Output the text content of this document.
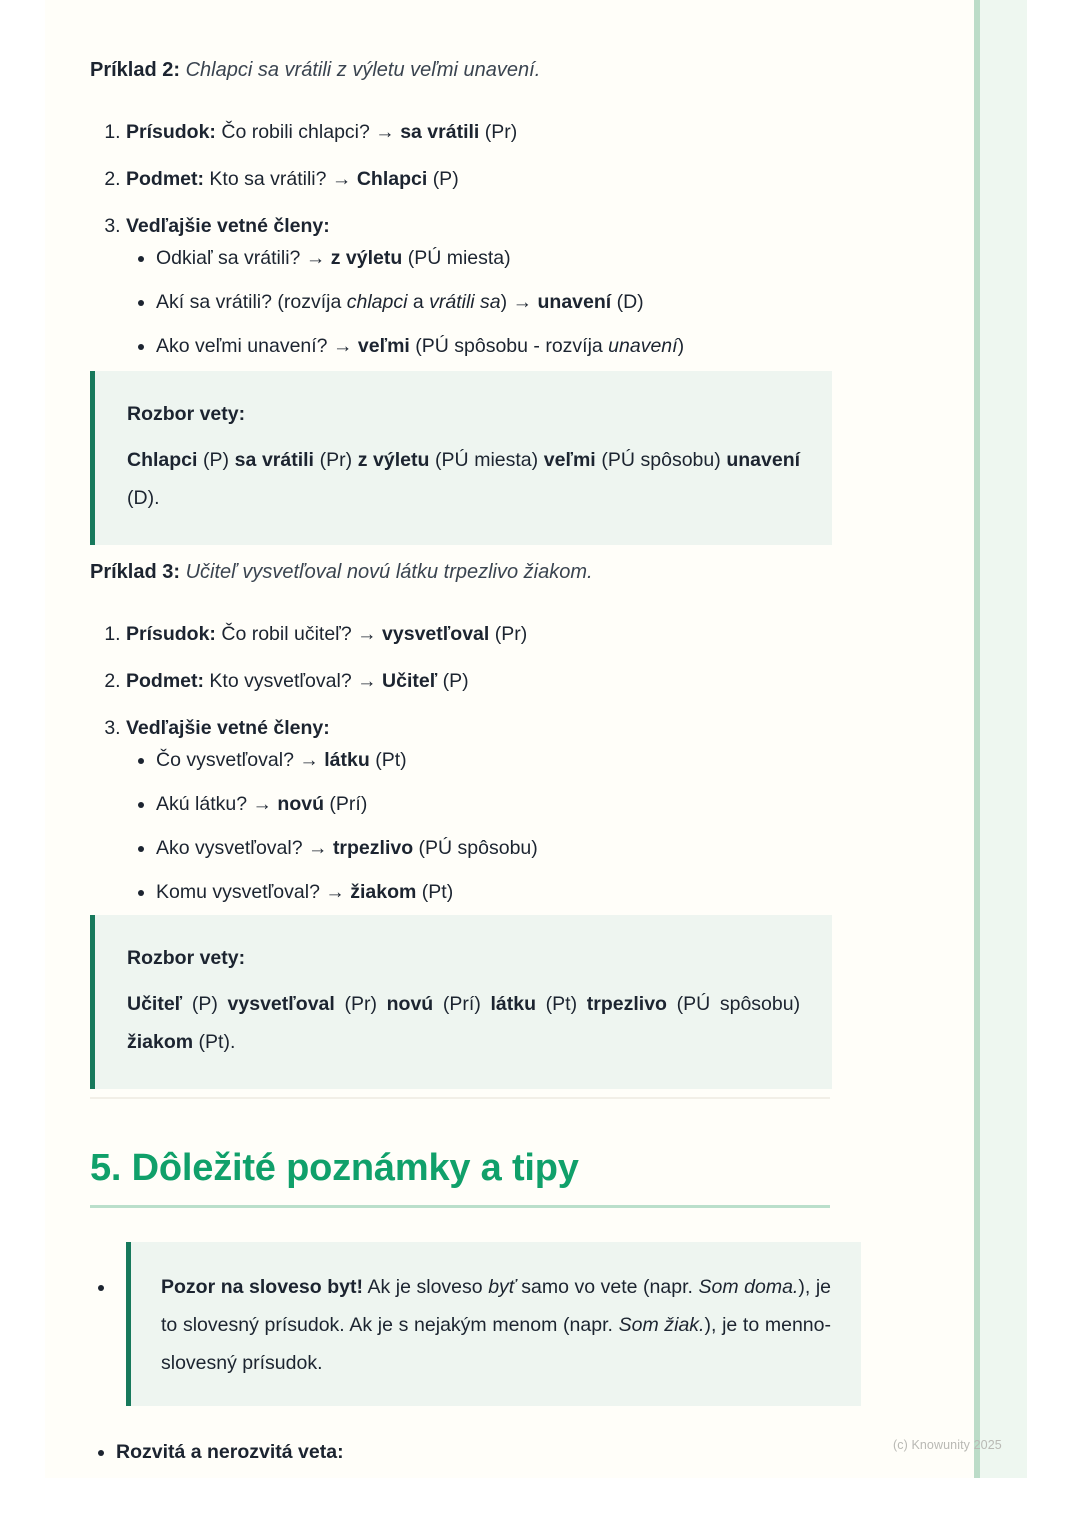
Príklad 2: Chlapci sa vrátili z výletu veľmi unavení.

1. Prísudok: Čo robili chlapci? → sa vrátili (Pr)
2. Podmet: Kto sa vrátili? → Chlapci (P)
3. Vedľajšie vetné členy:
• Odkiaľ sa vrátili? → z výletu (PÚ miesta)
• Akí sa vrátili? (rozvíja chlapci a vrátili sa) → unavení (D)
• Ako veľmi unavení? → veľmi (PÚ spôsobu - rozvíja unavení)
Rozbor vety:
Chlapci (P) sa vrátili (Pr) z výletu (PÚ miesta) veľmi (PÚ spôsobu) unavení (D).

Príklad 3: Učiteľ vysvetľoval novú látku trpezlivo žiakom.

1. Prísudok: Čo robil učiteľ? → vysvetľoval (Pr)
2. Podmet: Kto vysvetľoval? → Učiteľ (P)
3. Vedľajšie vetné členy:
• Čo vysvetľoval? → látku (Pt)
• Akú látku? → novú (Prí)
• Ako vysvetľoval? → trpezlivo (PÚ spôsobu)
• Komu vysvetľoval? → žiakom (Pt)
Rozbor vety:
Učiteľ (P) vysvetľoval (Pr) novú (Prí) látku (Pt) trpezlivo (PÚ spôsobu) žiakom (Pt).
5. Dôležité poznámky a tipy
• Pozor na sloveso byt! Ak je sloveso byť samo vo vete (napr. Som doma.), je to slovesný prísudok. Ak je s nejakým menom (napr. Som žiak.), je to menno-slovesný prísudok.
• Rozvitá a nerozvitá veta:	(c) Knowunity 2025
